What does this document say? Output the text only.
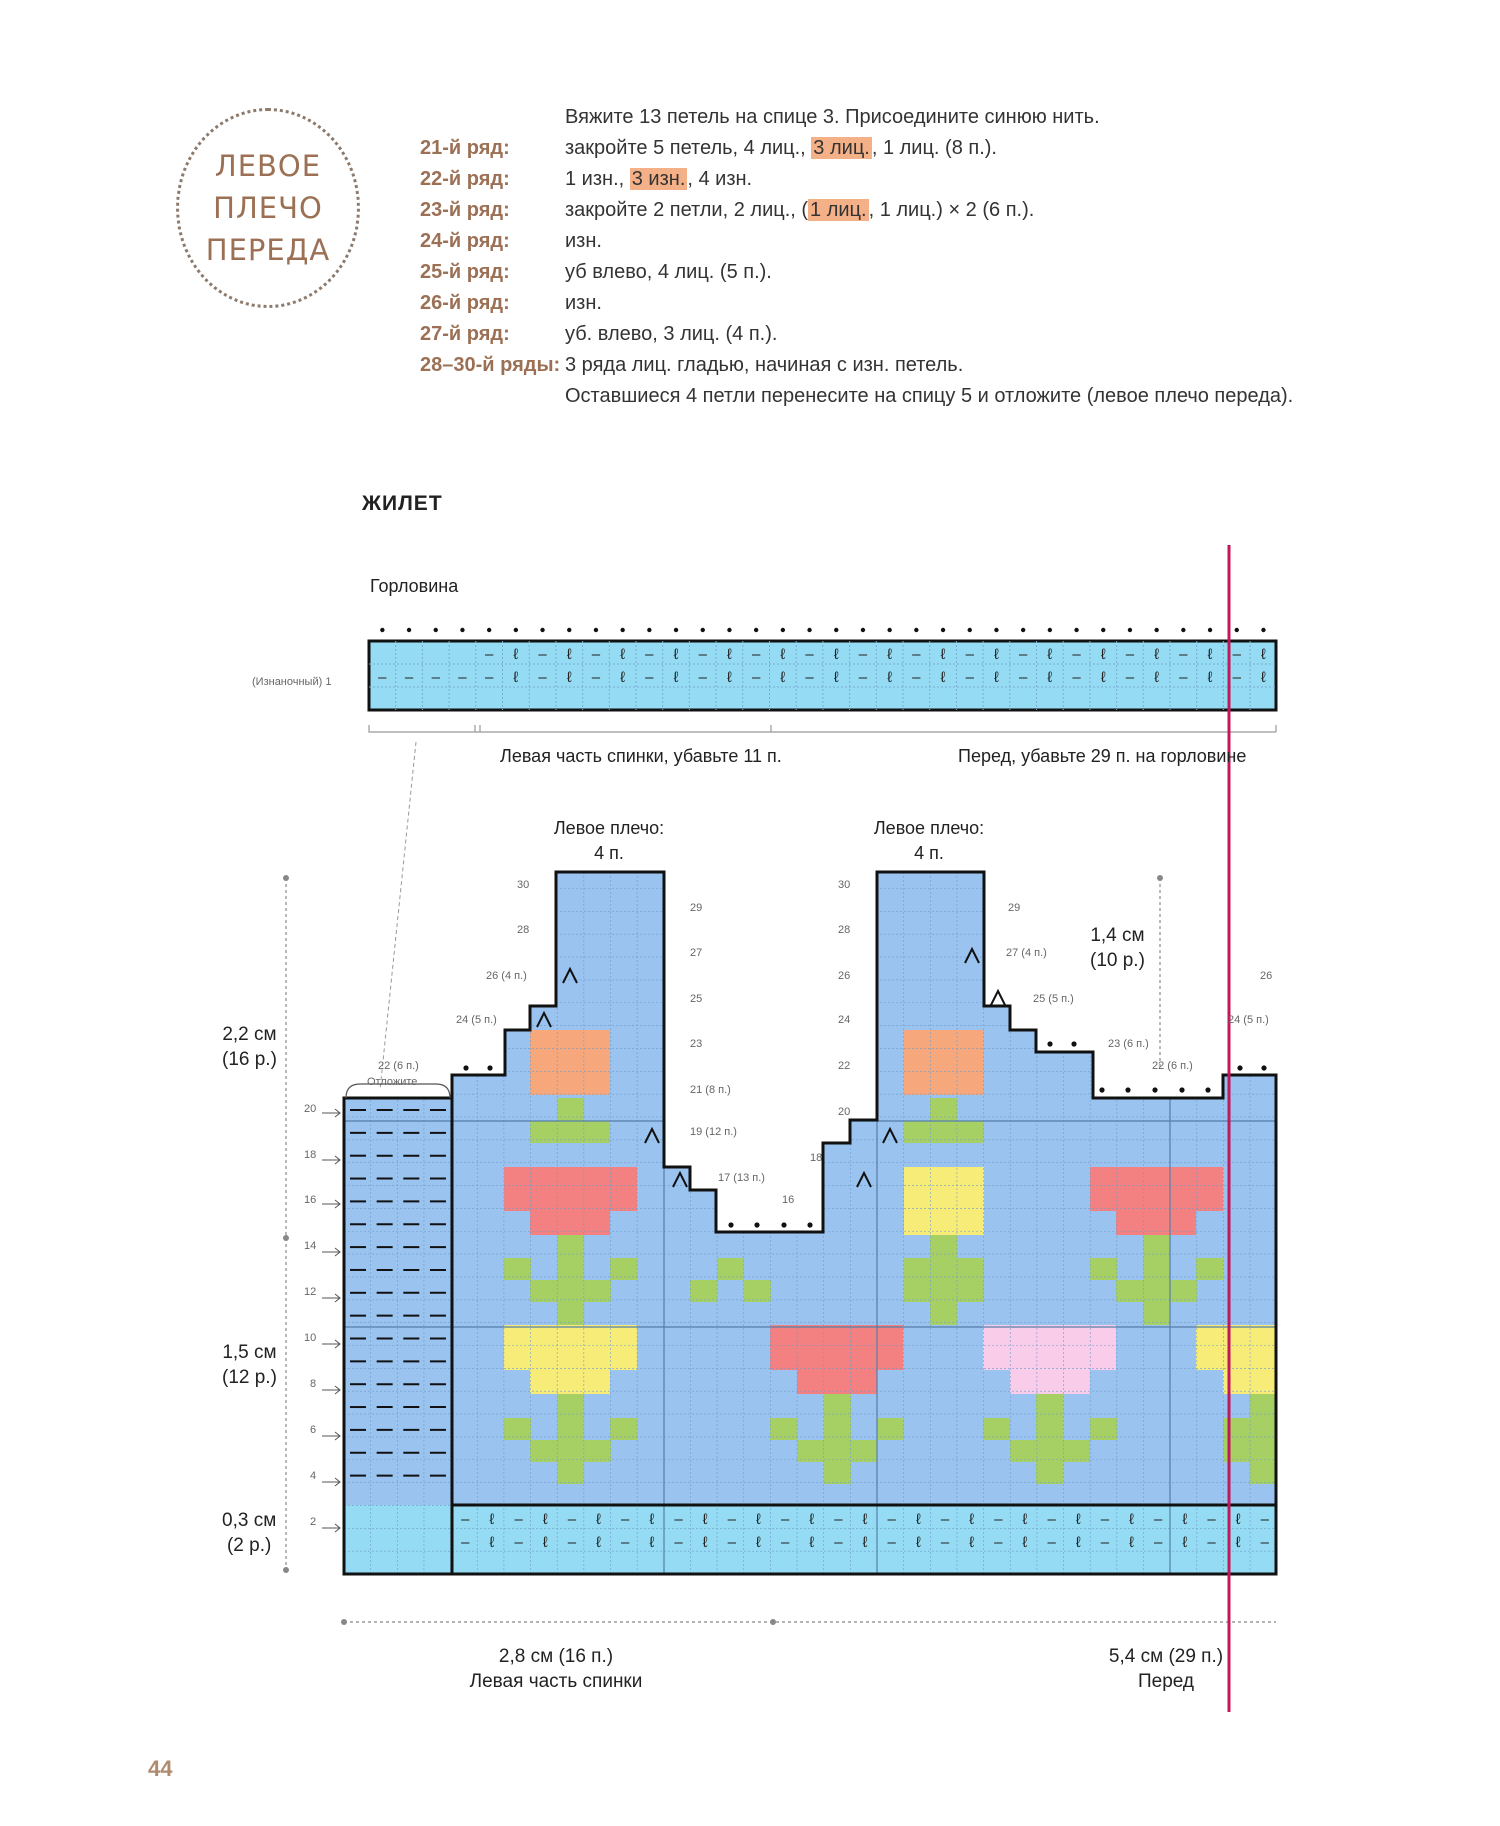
ЛЕВОЕ
ПЛЕЧО
ПЕРЕДА
Вяжите 13 петель на спице 3. Присоедините синюю нить.
21-й ряд:	закройте 5 петель, 4 лиц., 3 лиц. , 1 лиц. (8 п.).
22-й ряд:	1 изн., 3 изн. , 4 изн.
23-й ряд:	закройте 2 петли, 2 лиц., ( 1 лиц. , 1 лиц.) × 2 (6 п.).
24-й ряд:	изн.
25-й ряд:	уб влево, 4 лиц. (5 п.).
26-й ряд:	изн.
27-й ряд:	уб. влево, 3 лиц. (4 п.).
28–30-й ряды: 3 ряда лиц. гладью, начиная с изн. петель.
Оставшиеся 4 петли перенесите на спицу 5 и отложите (левое плечо переда).
ЖИЛЕТ
– – – –
–
–
ℓ
ℓ
–
–
ℓ
ℓ
–
–
ℓ
ℓ
–
–
ℓ
ℓ
–
–
ℓ
ℓ
–
–
ℓ
ℓ
–
–
ℓ
ℓ
–
–
ℓ
ℓ
–
–
ℓ
ℓ
–
–
ℓ
ℓ
–
–
ℓ
ℓ
–
–
ℓ
ℓ
–
–
ℓ
ℓ
–
–
ℓ
ℓ
–
–
ℓ
ℓ
–
–
ℓ
ℓ
–
–
ℓ
ℓ
–
–
ℓ
ℓ
–
–
ℓ
ℓ
–
–
ℓ
ℓ
–
–
ℓ
ℓ
–
–
ℓ
ℓ
–
–
ℓ
ℓ
–
–
ℓ
ℓ
–
–
ℓ
ℓ
–
–
ℓ
ℓ
–
–
ℓ
ℓ
–
–
ℓ
ℓ
–
–
ℓ
ℓ
–
–
ℓ
ℓ
–
–
Горловина
(Изнаночный) 1
Левая часть спинки, убавьте 11 п.	Перед, убавьте 29 п. на горловине
Левое плечо:
4 п.
Левое плечо:
4 п.
20
18
16
14
12
10
8
6
4
2
30
28
26 (4 п.)
24 (5 п.)
22 (6 п.)
29
27
25
23
21 (8 п.)
19 (12 п.)
17 (13 п.)
16
30
28
26
24
22
20
18
29
27 (4 п.)
25 (5 п.)
23 (6 п.)
22 (6 п.)
24 (5 п.)
26
Отложите
1,4 см
(10 р.)
2,2 см
(16 р.)
1,5 см
(12 р.)
0,3 см
(2 р.)
2,8 см (16 п.)
Левая часть спинки
5,4 см (29 п.)
Перед
44
